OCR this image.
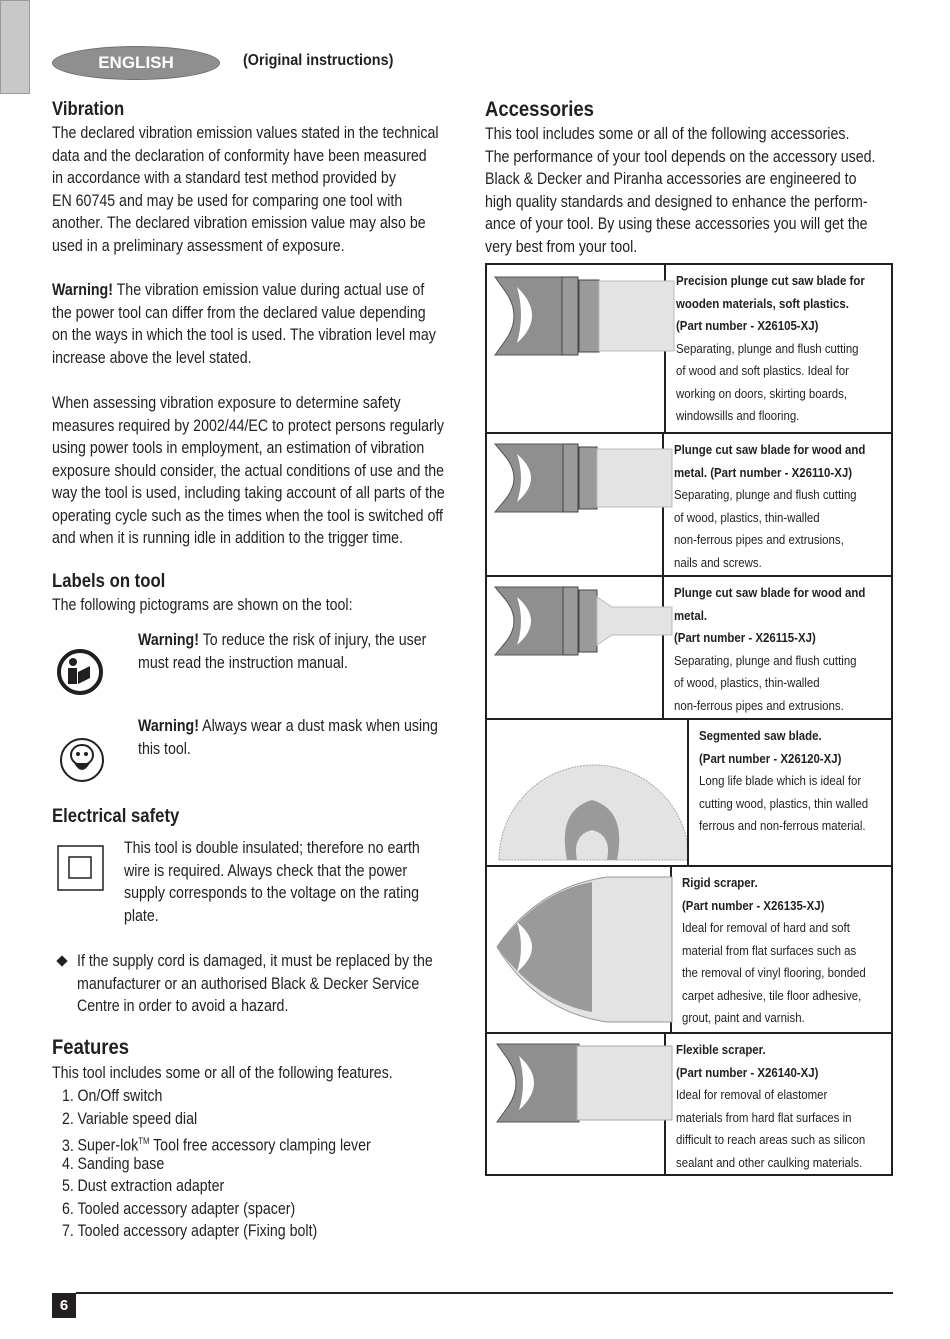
ENGLISH	(Original instructions)
Vibration
The declared vibration emission values stated in the technical
data and the declaration of conformity have been measured
in accordance with a standard test method provided by
EN 60745 and may be used for comparing one tool with
another. The declared vibration emission value may also be
used in a preliminary assessment of exposure.
Warning! The vibration emission value during actual use of
the power tool can differ from the declared value depending
on the ways in which the tool is used. The vibration level may
increase above the level stated.
When assessing vibration exposure to determine safety
measures required by 2002/44/EC to protect persons regularly
using power tools in employment, an estimation of vibration
exposure should consider, the actual conditions of use and the
way the tool is used, including taking account of all parts of the
operating cycle such as the times when the tool is switched off
and when it is running idle in addition to the trigger time.
Labels on tool
The following pictograms are shown on the tool:
Warning! To reduce the risk of injury, the user
must read the instruction manual.
Warning! Always wear a dust mask when using
this tool.
Electrical safety
This tool is double insulated; therefore no earth
wire is required. Always check that the power
supply corresponds to the voltage on the rating
plate.
If the supply cord is damaged, it must be replaced by the
manufacturer or an authorised Black & Decker Service
Centre in order to avoid a hazard.
Features
This tool includes some or all of the following features.
1. On/Off switch
2. Variable speed dial
3. Super-lok™ Tool free accessory clamping lever
4. Sanding base
5. Dust extraction adapter
6. Tooled accessory adapter (spacer)
7. Tooled accessory adapter (Fixing bolt)
Accessories
This tool includes some or all of the following accessories.
The performance of your tool depends on the accessory used.
Black & Decker and Piranha accessories are engineered to
high quality standards and designed to enhance the perform-
ance of your tool. By using these accessories you will get the
very best from your tool.
Precision plunge cut saw blade for
wooden materials, soft plastics.
(Part number - X26105-XJ)
Separating, plunge and flush cutting
of wood and soft plastics. Ideal for
working on doors, skirting boards,
windowsills and flooring.
Plunge cut saw blade for wood and
metal. (Part number - X26110-XJ)
Separating, plunge and flush cutting
of wood, plastics, thin-walled
non-ferrous pipes and extrusions,
nails and screws.
Plunge cut saw blade for wood and
metal.
(Part number - X26115-XJ)
Separating, plunge and flush cutting
of wood, plastics, thin-walled
non-ferrous pipes and extrusions.
Segmented saw blade.
(Part number - X26120-XJ)
Long life blade which is ideal for
cutting wood, plastics, thin walled
ferrous and non-ferrous material.
Rigid scraper.
(Part number - X26135-XJ)
Ideal for removal of hard and soft
material from flat surfaces such as
the removal of vinyl flooring, bonded
carpet adhesive, tile floor adhesive,
grout, paint and varnish.
Flexible scraper.
(Part number - X26140-XJ)
Ideal for removal of elastomer
materials from hard flat surfaces in
difficult to reach areas such as silicon
sealant and other caulking materials.
6
